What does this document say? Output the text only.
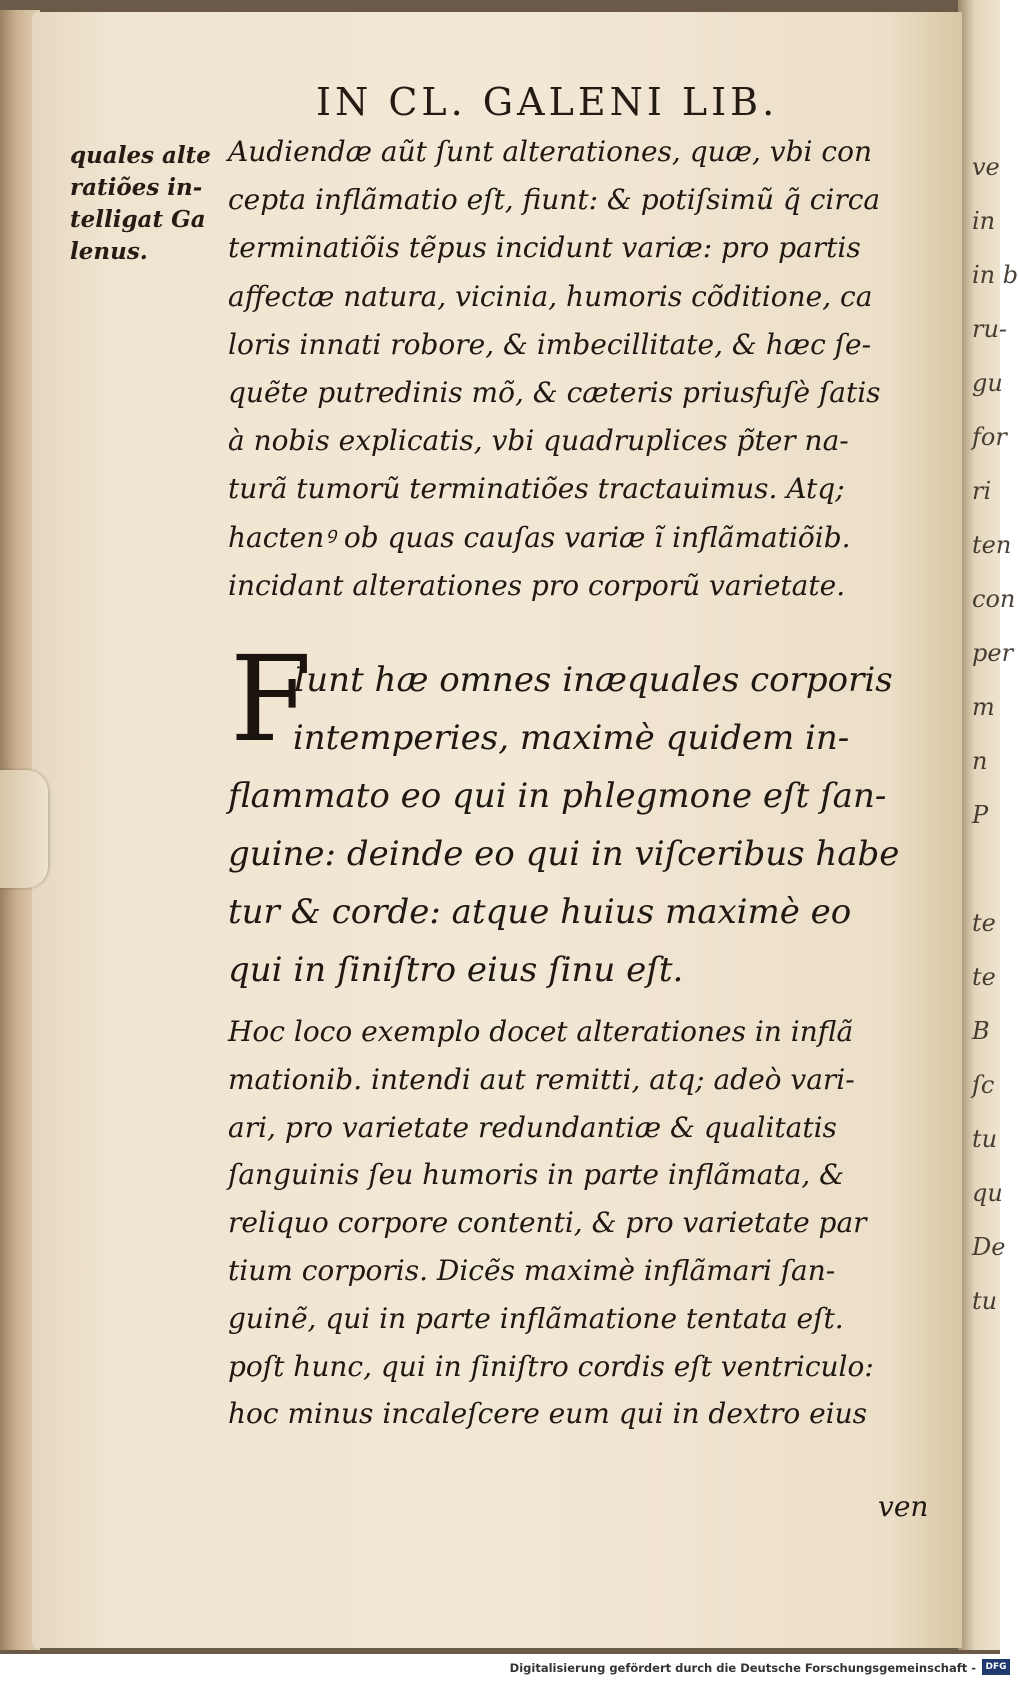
ve
in
in b
ru-
gu
for
ri
ten
con
per
m
n
P

te
te
B
ſc
tu
qu
De
tu
IN CL. GALENI LIB.
quales alte
ratiões in-
telligat Ga
lenus.
Audiendæ aũt ſunt alterationes, quæ, vbi con
cepta inflãmatio eſt, fiunt: & potiſsimũ q̃ circa
terminatiõis tẽpus incidunt variæ: pro partis
affectæ natura, vicinia, humoris cõditione, ca
loris innati robore, & imbecillitate, & hæc ſe-
quẽte putredinis mõ, & cæteris priusfuſè ſatis
à nobis explicatis, vbi quadruplices p̃ter na-
turã tumorũ terminatiões tractauimus. Atq;
hactenꝰ ob quas cauſas variæ ĩ inflãmatiõib.
incidant alterationes pro corporũ varietate.
Iunt hæ omnes inæquales corporis
intemperies, maximè quidem in-
flammato eo qui in phlegmone eſt ſan-
guine: deinde eo qui in viſceribus habe
tur & corde: atque huius maximè eo
qui in ſiniſtro eius ſinu eſt.
Hoc loco exemplo docet alterationes in inflã
mationib. intendi aut remitti, atq; adeò vari-
ari, pro varietate redundantiæ & qualitatis
ſanguinis ſeu humoris in parte inflãmata, &
reliquo corpore contenti, & pro varietate par
tium corporis. Dicẽs maximè inflãmari ſan-
guinẽ, qui in parte inflãmatione tentata eſt.
poſt hunc, qui in ſiniſtro cordis eſt ventriculo:
hoc minus incaleſcere eum qui in dextro eius
F
ven
Digitalisierung gefördert durch die Deutsche Forschungsgemeinschaft -	DFG
